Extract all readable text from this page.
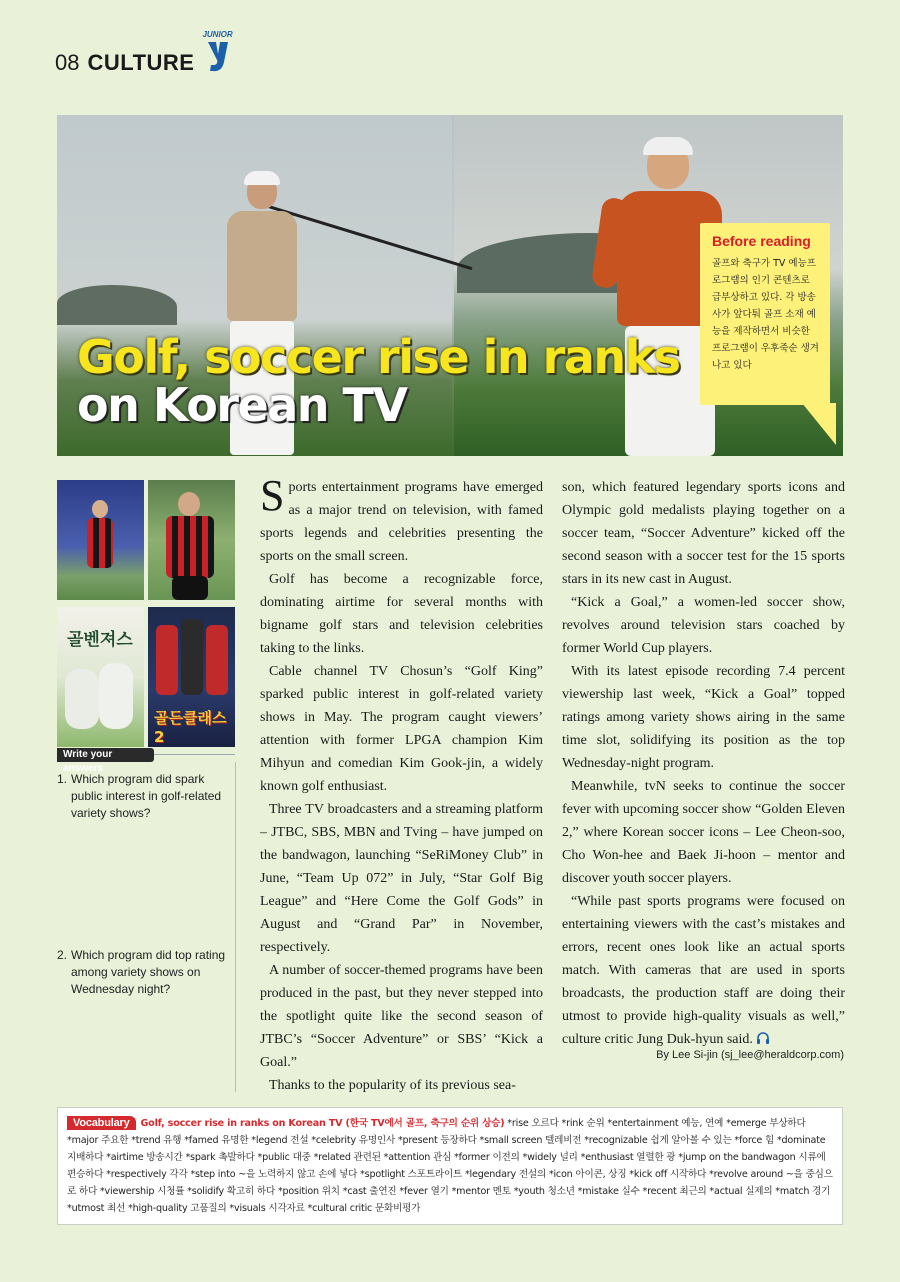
08 CULTURE
JUNIOR
Golf, soccer rise in ranks
on Korean TV
Before reading
골프와 축구가 TV 예능프로그램의 인기 콘텐츠로 급부상하고 있다. 각 방송사가 앞다퉈 골프 소재 예능을 제작하면서 비슷한 프로그램이 우후죽순 생겨나고 있다
골벤져스
골든클래스2
Write your answers
1. Which program did spark public interest in golf-related variety shows?
2. Which program did top rating among variety shows on Wednesday night?

Sports entertainment programs have emerged as a major trend on television, with famed sports legends and celebrities presenting the sports on the small screen.

Golf has become a recognizable force, dominating airtime for several months with bigname golf stars and television celebrities taking to the links.

Cable channel TV Chosun’s “Golf King” sparked public interest in golf-related variety shows in May. The program caught viewers’ attention with former LPGA champion Kim Mihyun and comedian Kim Gook-jin, a widely known golf enthusiast.

Three TV broadcasters and a streaming platform – JTBC, SBS, MBN and Tving – have jumped on the bandwagon, launching “SeRiMoney Club” in June, “Team Up 072” in July, “Star Golf Big League” and “Here Come the Golf Gods” in August and “Grand Par” in November, respectively.

A number of soccer-themed programs have been produced in the past, but they never stepped into the spotlight quite like the second season of JTBC’s “Soccer Adventure” or SBS’ “Kick a Goal.”

Thanks to the popularity of its previous sea-

son, which featured legendary sports icons and Olympic gold medalists playing together on a soccer team, “Soccer Adventure” kicked off the second season with a soccer test for the 15 sports stars in its new cast in August.

“Kick a Goal,” a women-led soccer show, revolves around television stars coached by former World Cup players.

With its latest episode recording 7.4 percent viewership last week, “Kick a Goal” topped ratings among variety shows airing in the same time slot, solidifying its position as the top Wednesday-night program.

Meanwhile, tvN seeks to continue the soccer fever with upcoming soccer show “Golden Eleven 2,” where Korean soccer icons – Lee Cheon-soo, Cho Won-hee and Baek Ji-hoon – mentor and discover youth soccer players.

“While past sports programs were focused on entertaining viewers with the cast’s mistakes and errors, recent ones look like an actual sports match. With cameras that are used in sports broadcasts, the production staff are doing their utmost to provide high-quality visuals as well,” culture critic Jung Duk-hyun said.

By Lee Si-jin (sj_lee@heraldcorp.com)
Vocabulary Golf, soccer rise in ranks on Korean TV (한국 TV에서 골프, 축구의 순위 상승) *rise 오르다 *rink 순위 *entertainment 예능, 연예 *emerge 부상하다 *major 주요한 *trend 유행 *famed 유명한 *legend 전설 *celebrity 유명인사 *present 등장하다 *small screen 텔레비전 *recognizable 쉽게 알아볼 수 있는 *force 힘 *dominate 지배하다 *airtime 방송시간 *spark 촉발하다 *public 대중 *related 관련된 *attention 관심 *former 이전의 *widely 널리 *enthusiast 열렬한 광 *jump on the bandwagon 시류에 편승하다 *respectively 각각 *step into ~을 노력하지 않고 손에 넣다 *spotlight 스포트라이트 *legendary 전설의 *icon 아이콘, 상징 *kick off 시작하다 *revolve around ~을 중심으로 하다 *viewership 시청률 *solidify 확고히 하다 *position 위치 *cast 출연진 *fever 열기 *mentor 멘토 *youth 청소년 *mistake 실수 *recent 최근의 *actual 실제의 *match 경기 *utmost 최선 *high-quality 고품질의 *visuals 시각자료 *cultural critic 문화비평가
